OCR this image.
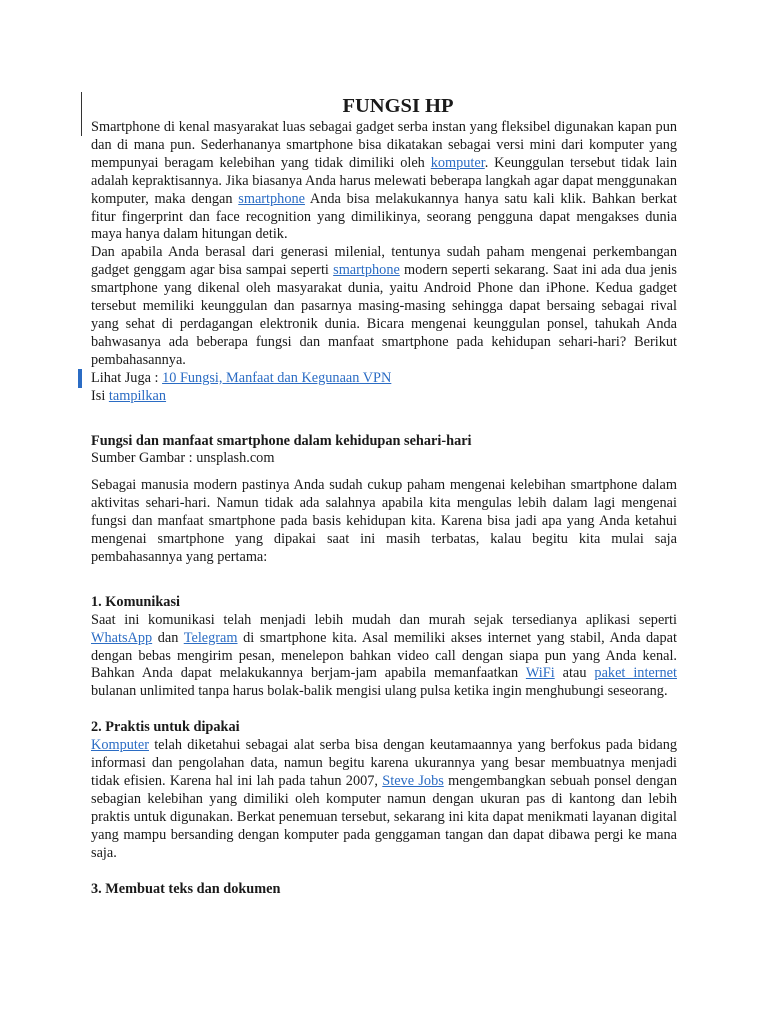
FUNGSI HP

Smartphone di kenal masyarakat luas sebagai gadget serba instan yang fleksibel digunakan kapan pun dan di mana pun. Sederhananya smartphone bisa dikatakan sebagai versi mini dari komputer yang mempunyai beragam kelebihan yang tidak dimiliki oleh komputer. Keunggulan tersebut tidak lain adalah kepraktisannya. Jika biasanya Anda harus melewati beberapa langkah agar dapat menggunakan komputer, maka dengan smartphone Anda bisa melakukannya hanya satu kali klik. Bahkan berkat fitur fingerprint dan face recognition yang dimilikinya, seorang pengguna dapat mengakses dunia maya hanya dalam hitungan detik.

Dan apabila Anda berasal dari generasi milenial, tentunya sudah paham mengenai perkembangan gadget genggam agar bisa sampai seperti smartphone modern seperti sekarang. Saat ini ada dua jenis smartphone yang dikenal oleh masyarakat dunia, yaitu Android Phone dan iPhone. Kedua gadget tersebut memiliki keunggulan dan pasarnya masing-masing sehingga dapat bersaing sebagai rival yang sehat di perdagangan elektronik dunia. Bicara mengenai keunggulan ponsel, tahukah Anda bahwasanya ada beberapa fungsi dan manfaat smartphone pada kehidupan sehari-hari? Berikut pembahasannya.

Lihat Juga : 10 Fungsi, Manfaat dan Kegunaan VPN

Isi tampilkan

Fungsi dan manfaat smartphone dalam kehidupan sehari-hari

Sumber Gambar : unsplash.com

Sebagai manusia modern pastinya Anda sudah cukup paham mengenai kelebihan smartphone dalam aktivitas sehari-hari. Namun tidak ada salahnya apabila kita mengulas lebih dalam lagi mengenai fungsi dan manfaat smartphone pada basis kehidupan kita. Karena bisa jadi apa yang Anda ketahui mengenai smartphone yang dipakai saat ini masih terbatas, kalau begitu kita mulai saja pembahasannya yang pertama:

1. Komunikasi

Saat ini komunikasi telah menjadi lebih mudah dan murah sejak tersedianya aplikasi seperti WhatsApp dan Telegram di smartphone kita. Asal memiliki akses internet yang stabil, Anda dapat dengan bebas mengirim pesan, menelepon bahkan video call dengan siapa pun yang Anda kenal. Bahkan Anda dapat melakukannya berjam-jam apabila memanfaatkan WiFi atau paket internet bulanan unlimited tanpa harus bolak-balik mengisi ulang pulsa ketika ingin menghubungi seseorang.

2. Praktis untuk dipakai

Komputer telah diketahui sebagai alat serba bisa dengan keutamaannya yang berfokus pada bidang informasi dan pengolahan data, namun begitu karena ukurannya yang besar membuatnya menjadi tidak efisien. Karena hal ini lah pada tahun 2007, Steve Jobs mengembangkan sebuah ponsel dengan sebagian kelebihan yang dimiliki oleh komputer namun dengan ukuran pas di kantong dan lebih praktis untuk digunakan. Berkat penemuan tersebut, sekarang ini kita dapat menikmati layanan digital yang mampu bersanding dengan komputer pada genggaman tangan dan dapat dibawa pergi ke mana saja.

3. Membuat teks dan dokumen
